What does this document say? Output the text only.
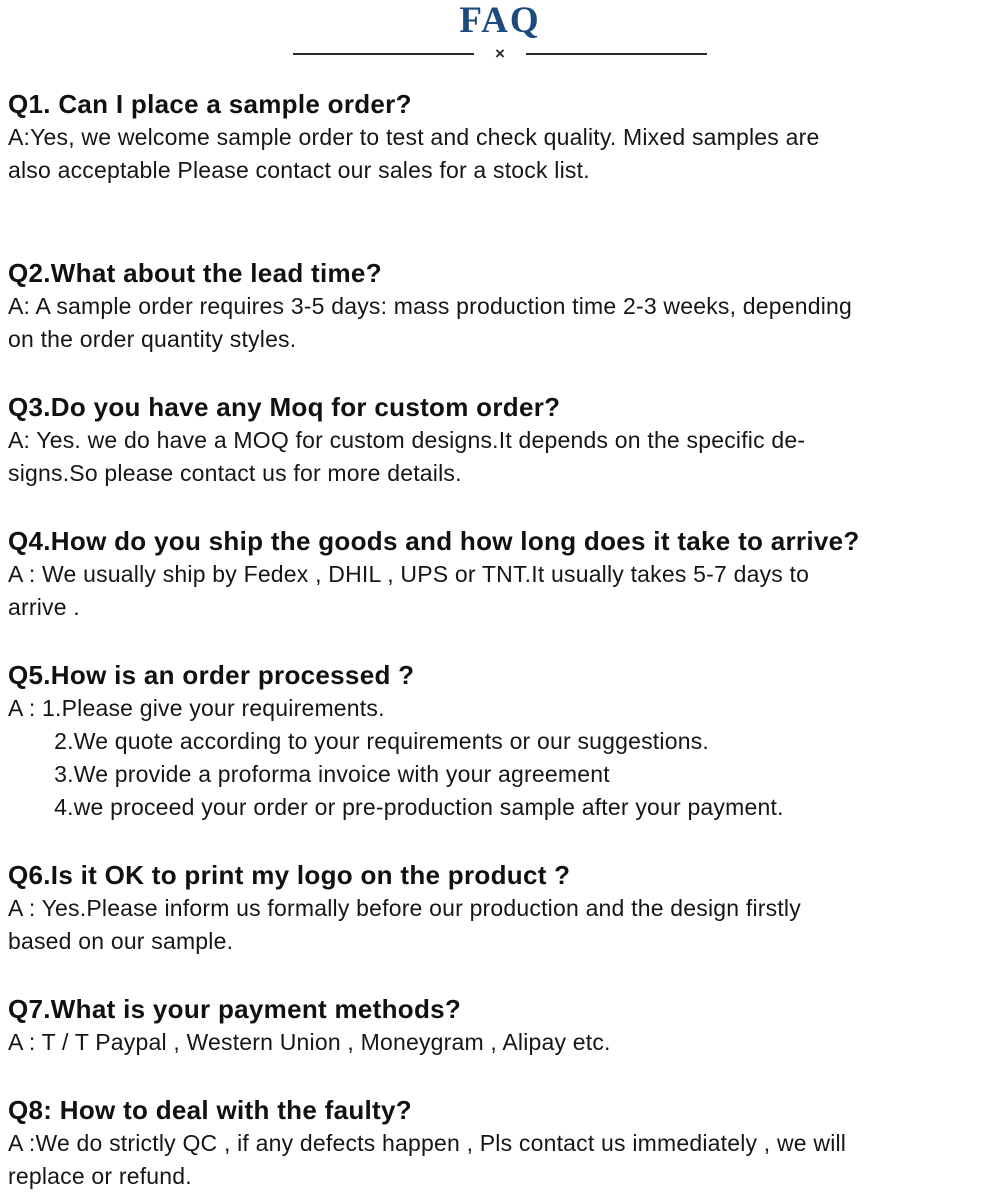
FAQ
×
Q1. Can I place a sample order?
A:Yes, we welcome sample order to test and check quality. Mixed samples are
also acceptable Please contact our sales for a stock list.
Q2.What about the lead time?
A: A sample order requires 3-5 days: mass production time 2-3 weeks, depending
on the order quantity styles.
Q3.Do you have any Moq for custom order?
A: Yes. we do have a MOQ for custom designs.It depends on the specific de-
signs.So please contact us for more details.
Q4.How do you ship the goods and how long does it take to arrive?
A : We usually ship by Fedex , DHIL , UPS or TNT.It usually takes 5-7 days to
arrive .
Q5.How is an order processed ?
A : 1.Please give your requirements.
2.We quote according to your requirements or our suggestions.
3.We provide a proforma invoice with your agreement
4.we proceed your order or pre-production sample after your payment.
Q6.Is it OK to print my logo on the product ?
A : Yes.Please inform us formally before our production and the design firstly
based on our sample.
Q7.What is your payment methods?
A : T / T Paypal , Western Union , Moneygram , Alipay etc.
Q8: How to deal with the faulty?
A :We do strictly QC , if any defects happen , Pls contact us immediately , we will
replace or refund.
